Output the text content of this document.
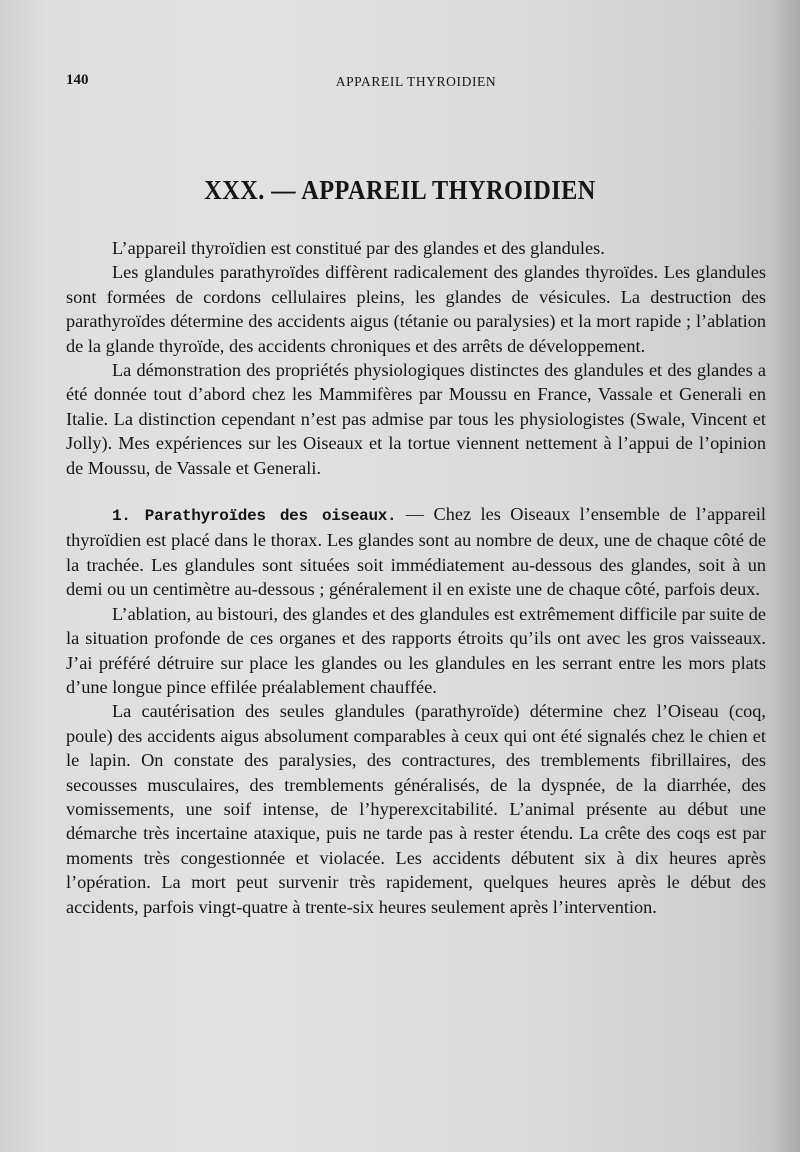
140	APPAREIL THYROIDIEN
XXX. — APPAREIL THYROIDIEN

L’appareil thyroïdien est constitué par des glandes et des glandules.

Les glandules parathyroïdes diffèrent radicalement des glandes thyroïdes. Les glandules sont formées de cordons cellulaires pleins, les glandes de vésicules. La destruction des parathyroïdes détermine des accidents aigus (tétanie ou paralysies) et la mort rapide ; l’ablation de la glande thyroïde, des accidents chroniques et des arrêts de développement.

La démonstration des propriétés physiologiques distinctes des glandules et des glandes a été donnée tout d’abord chez les Mammifères par Moussu en France, Vassale et Generali en Italie. La distinction cependant n’est pas admise par tous les physiologistes (Swale, Vincent et Jolly). Mes expériences sur les Oiseaux et la tortue viennent nettement à l’appui de l’opinion de Moussu, de Vassale et Generali.

1. Parathyroïdes des oiseaux. — Chez les Oiseaux l’ensemble de l’appareil thyroïdien est placé dans le thorax. Les glandes sont au nombre de deux, une de chaque côté de la trachée. Les glandules sont situées soit immédiatement au-dessous des glandes, soit à un demi ou un centimètre au-dessous ; généralement il en existe une de chaque côté, parfois deux.

L’ablation, au bistouri, des glandes et des glandules est extrêmement difficile par suite de la situation profonde de ces organes et des rapports étroits qu’ils ont avec les gros vaisseaux. J’ai préféré détruire sur place les glandes ou les glandules en les serrant entre les mors plats d’une longue pince effilée préalablement chauffée.

La cautérisation des seules glandules (parathyroïde) détermine chez l’Oiseau (coq, poule) des accidents aigus absolument comparables à ceux qui ont été signalés chez le chien et le lapin. On constate des paralysies, des contractures, des tremblements fibrillaires, des secousses musculaires, des tremblements généralisés, de la dyspnée, de la diarrhée, des vomissements, une soif intense, de l’hyperexcitabilité. L’animal présente au début une démarche très incertaine ataxique, puis ne tarde pas à rester étendu. La crête des coqs est par moments très congestionnée et violacée. Les accidents débutent six à dix heures après l’opération. La mort peut survenir très rapidement, quelques heures après le début des accidents, parfois vingt-quatre à trente-six heures seulement après l’intervention.
